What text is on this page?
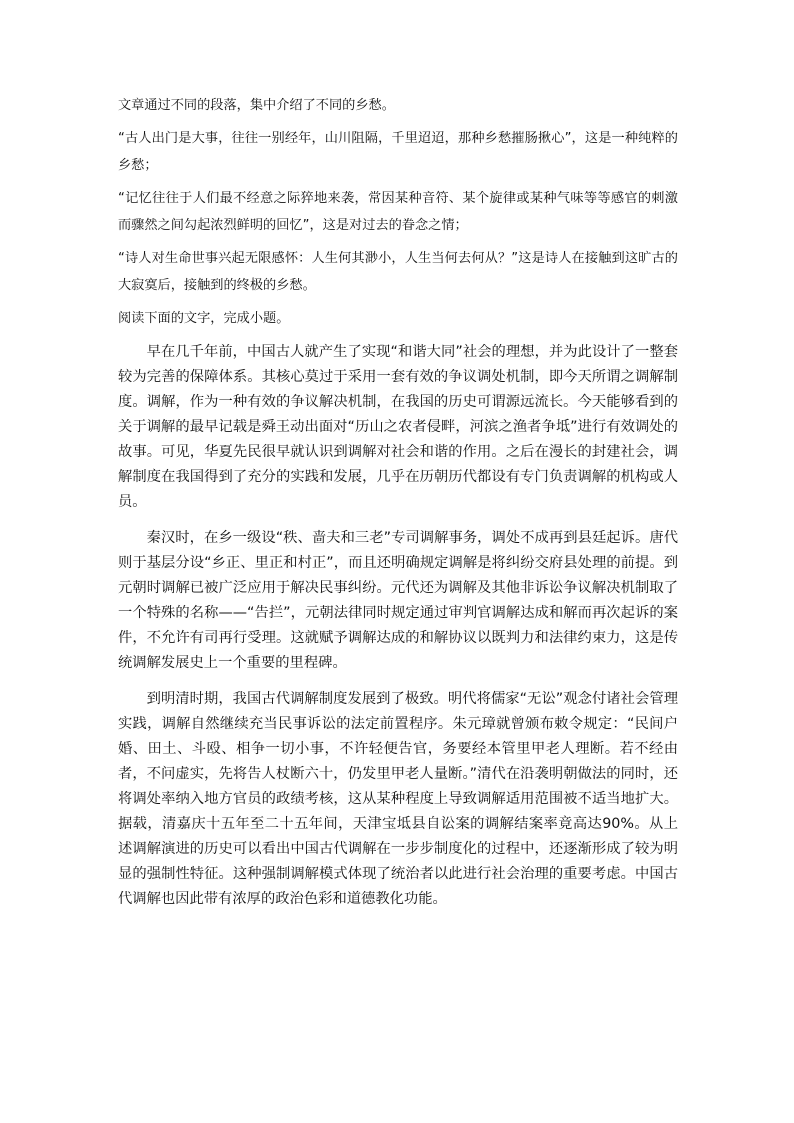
文章通过不同的段落，集中介绍了不同的乡愁。

“古人出门是大事，往往一别经年，山川阻隔，千里迢迢，那种乡愁摧肠揪心”，这是一种纯粹的乡愁；

“记忆往往于人们最不经意之际猝地来袭，常因某种音符、某个旋律或某种气味等等感官的刺激而骤然之间勾起浓烈鲜明的回忆”，这是对过去的眷念之情；

“诗人对生命世事兴起无限感怀：人生何其渺小，人生当何去何从？”这是诗人在接触到这旷古的大寂寞后，接触到的终极的乡愁。

阅读下面的文字，完成小题。

早在几千年前，中国古人就产生了实现“和谐大同”社会的理想，并为此设计了一整套较为完善的保障体系。其核心莫过于采用一套有效的争议调处机制，即今天所谓之调解制度。调解，作为一种有效的争议解决机制，在我国的历史可谓源远流长。今天能够看到的关于调解的最早记载是舜王动出面对“历山之农者侵畔，河滨之渔者争坻”进行有效调处的故事。可见，华夏先民很早就认识到调解对社会和谐的作用。之后在漫长的封建社会，调解制度在我国得到了充分的实践和发展，几乎在历朝历代都设有专门负责调解的机构或人员。

秦汉时，在乡一级设“秩、啬夫和三老”专司调解事务，调处不成再到县廷起诉。唐代则于基层分设“乡正、里正和村正”，而且还明确规定调解是将纠纷交府县处理的前提。到元朝时调解已被广泛应用于解决民事纠纷。元代还为调解及其他非诉讼争议解决机制取了一个特殊的名称——“告拦”，元朝法律同时规定通过审判官调解达成和解而再次起诉的案件，不允许有司再行受理。这就赋予调解达成的和解协议以既判力和法律约束力，这是传统调解发展史上一个重要的里程碑。

到明清时期，我国古代调解制度发展到了极致。明代将儒家“无讼”观念付诸社会管理实践，调解自然继续充当民事诉讼的法定前置程序。朱元璋就曾颁布敕令规定：“民间户婚、田土、斗殴、相争一切小事，不许轻便告官，务要经本管里甲老人理断。若不经由者，不问虚实，先将告人杖断六十，仍发里甲老人量断。”清代在沿袭明朝做法的同时，还将调处率纳入地方官员的政绩考核，这从某种程度上导致调解适用范围被不适当地扩大。据载，清嘉庆十五年至二十五年间，天津宝坻县自讼案的调解结案率竟高达90%。从上述调解演进的历史可以看出中国古代调解在一步步制度化的过程中，还逐渐形成了较为明显的强制性特征。这种强制调解模式体现了统治者以此进行社会治理的重要考虑。中国古代调解也因此带有浓厚的政治色彩和道德教化功能。
